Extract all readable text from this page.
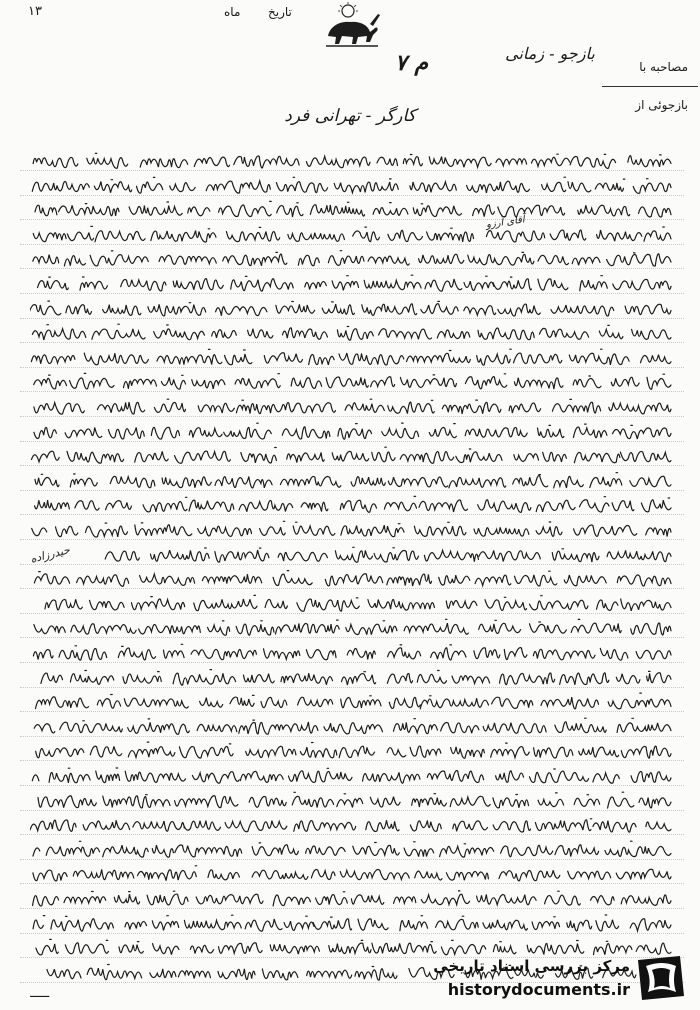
۱۳	ماه تاریخ
مصاحبه با
بازجوئی از
بازجو - زمانی
م ۷
کارگر - تهرانی فرد
آقای آرزو
حیدرزاده
ـــــ
مرکز بررسی اسناد تاریخی
historydocuments.ir
